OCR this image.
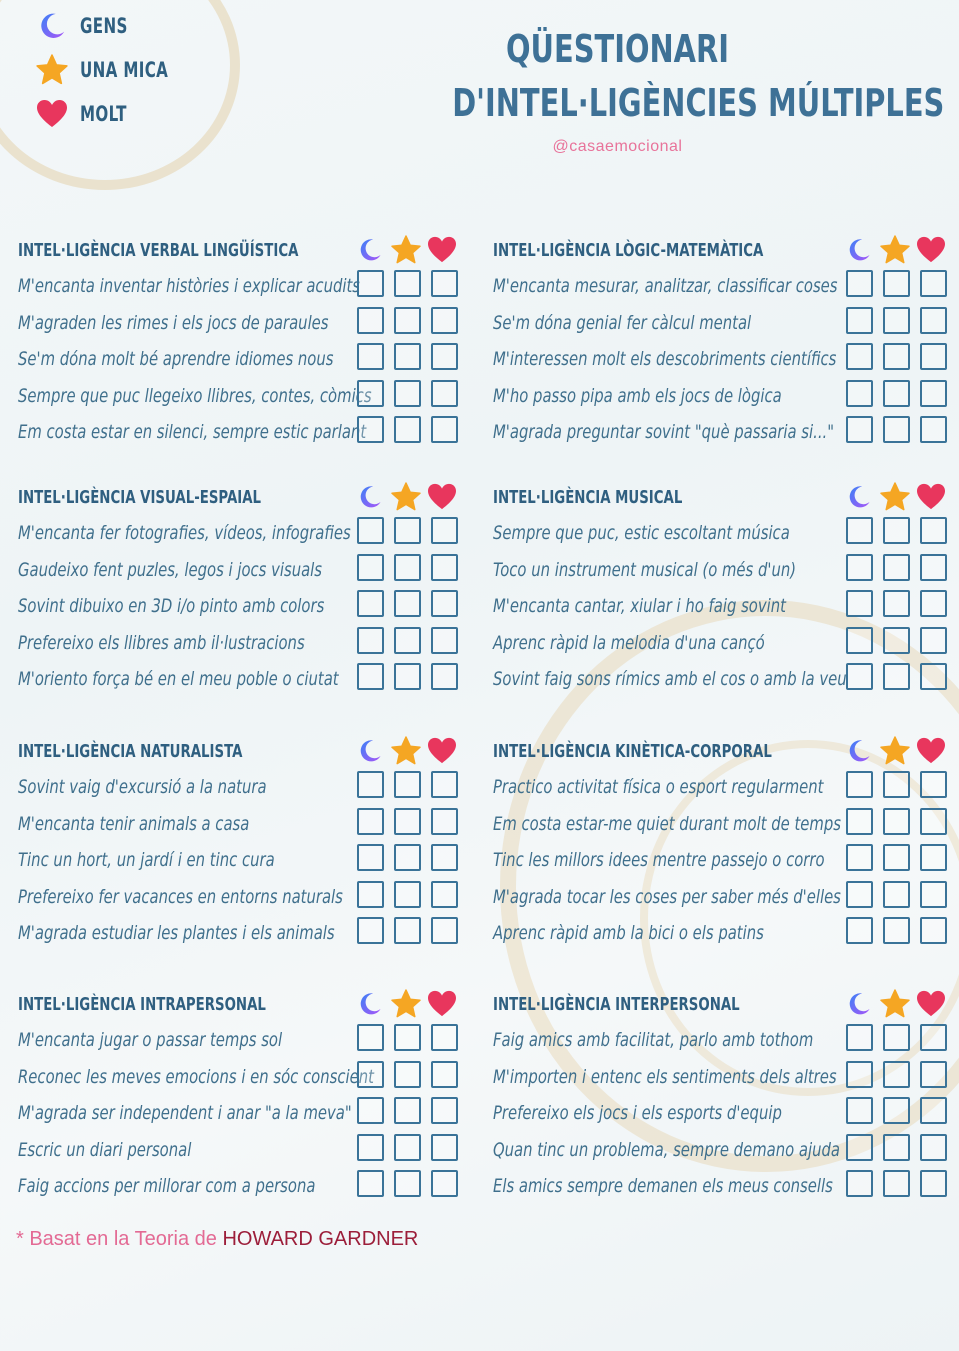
GENS
UNA MICA
MOLT
QÜESTIONARI
D'INTEL·LIGÈNCIES MÚLTIPLES
@casaemocional
INTEL·LIGÈNCIA VERBAL LINGÜÍSTICA
M'encanta inventar històries i explicar acudits
M'agraden les rimes i els jocs de paraules
Se'm dóna molt bé aprendre idiomes nous
Sempre que puc llegeixo llibres, contes, còmics
Em costa estar en silenci, sempre estic parlant
INTEL·LIGÈNCIA LÒGIC-MATEMÀTICA
M'encanta mesurar, analitzar, classificar coses
Se'm dóna genial fer càlcul mental
M'interessen molt els descobriments científics
M'ho passo pipa amb els jocs de lògica
M'agrada preguntar sovint "què passaria si..."
INTEL·LIGÈNCIA VISUAL-ESPAIAL
M'encanta fer fotografies, vídeos, infografies
Gaudeixo fent puzles, legos i jocs visuals
Sovint dibuixo en 3D i/o pinto amb colors
Prefereixo els llibres amb il·lustracions
M'oriento força bé en el meu poble o ciutat
INTEL·LIGÈNCIA MUSICAL
Sempre que puc, estic escoltant música
Toco un instrument musical (o més d'un)
M'encanta cantar, xiular i ho faig sovint
Aprenc ràpid la melodia d'una cançó
Sovint faig sons rímics amb el cos o amb la veu
INTEL·LIGÈNCIA NATURALISTA
Sovint vaig d'excursió a la natura
M'encanta tenir animals a casa
Tinc un hort, un jardí i en tinc cura
Prefereixo fer vacances en entorns naturals
M'agrada estudiar les plantes i els animals
INTEL·LIGÈNCIA KINÈTICA-CORPORAL
Practico activitat física o esport regularment
Em costa estar-me quiet durant molt de temps
Tinc les millors idees mentre passejo o corro
M'agrada tocar les coses per saber més d'elles
Aprenc ràpid amb la bici o els patins
INTEL·LIGÈNCIA INTRAPERSONAL
M'encanta jugar o passar temps sol
Reconec les meves emocions i en sóc conscient
M'agrada ser independent i anar "a la meva"
Escric un diari personal
Faig accions per millorar com a persona
INTEL·LIGÈNCIA INTERPERSONAL
Faig amics amb facilitat, parlo amb tothom
M'importen i entenc els sentiments dels altres
Prefereixo els jocs i els esports d'equip
Quan tinc un problema, sempre demano ajuda
Els amics sempre demanen els meus consells
* Basat en la Teoria de HOWARD GARDNER
